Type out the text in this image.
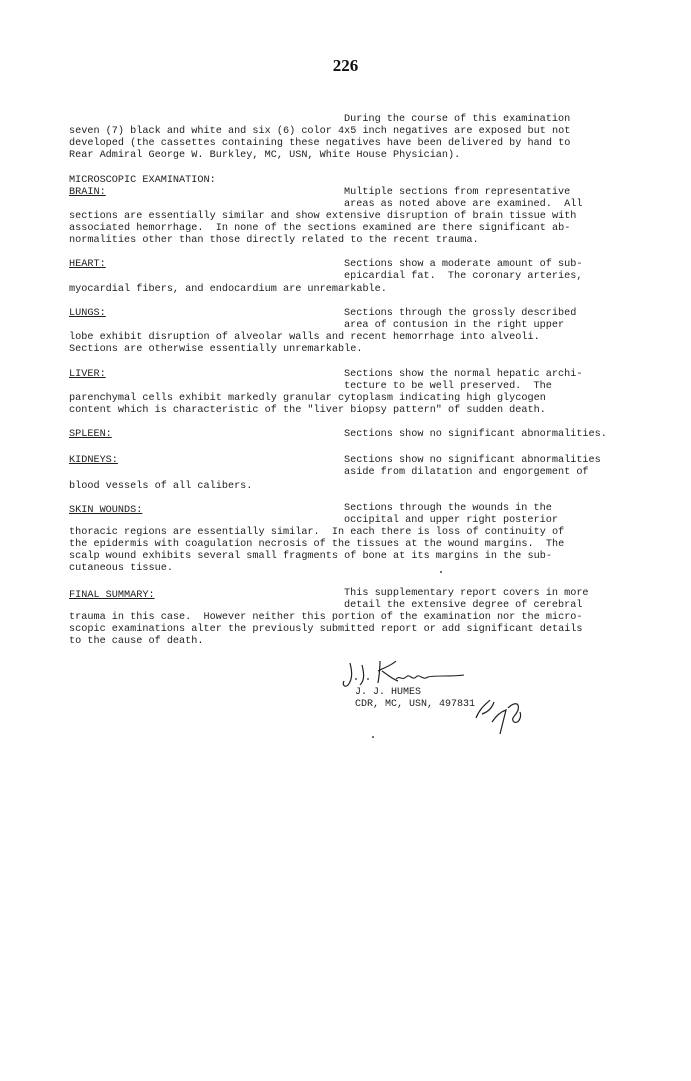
226
During the course of this examination
seven (7) black and white and six (6) color 4x5 inch negatives are exposed but not
developed (the cassettes containing these negatives have been delivered by hand to
Rear Admiral George W. Burkley, MC, USN, White House Physician).
MICROSCOPIC EXAMINATION:
BRAIN:	Multiple sections from representative
areas as noted above are examined.  All
sections are essentially similar and show extensive disruption of brain tissue with
associated hemorrhage.  In none of the sections examined are there significant ab-
normalities other than those directly related to the recent trauma.
HEART:	Sections show a moderate amount of sub-
epicardial fat.  The coronary arteries,
myocardial fibers, and endocardium are unremarkable.
LUNGS:	Sections through the grossly described
area of contusion in the right upper
lobe exhibit disruption of alveolar walls and recent hemorrhage into alveoli.
Sections are otherwise essentially unremarkable.
LIVER:	Sections show the normal hepatic archi-
tecture to be well preserved.  The
parenchymal cells exhibit markedly granular cytoplasm indicating high glycogen
content which is characteristic of the "liver biopsy pattern" of sudden death.
SPLEEN:	Sections show no significant abnormalities.
KIDNEYS:	Sections show no significant abnormalities
aside from dilatation and engorgement of
blood vessels of all calibers.
SKIN WOUNDS:	Sections through the wounds in the
occipital and upper right posterior
thoracic regions are essentially similar.  In each there is loss of continuity of
the epidermis with coagulation necrosis of the tissues at the wound margins.  The
scalp wound exhibits several small fragments of bone at its margins in the sub-
cutaneous tissue.
FINAL SUMMARY:	This supplementary report covers in more
detail the extensive degree of cerebral
trauma in this case.  However neither this portion of the examination nor the micro-
scopic examinations alter the previously submitted report or add significant details
to the cause of death.
J. J. HUMES
CDR, MC, USN, 497831
